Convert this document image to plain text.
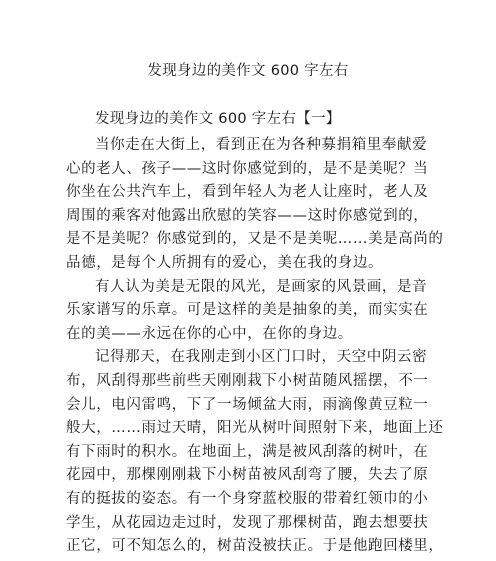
发现身边的美作文 600 字左右
发现身边的美作文 600 字左右【一】
当你走在大街上，看到正在为各种募捐箱里奉献爱
心的老人、孩子——这时你感觉到的，是不是美呢？当
你坐在公共汽车上，看到年轻人为老人让座时，老人及
周围的乘客对他露出欣慰的笑容——这时你感觉到的，
是不是美呢？你感觉到的，又是不是美呢……美是高尚的
品德，是每个人所拥有的爱心，美在我的身边。
有人认为美是无限的风光，是画家的风景画，是音
乐家谱写的乐章。可是这样的美是抽象的美，而实实在
在的美——永远在你的心中，在你的身边。
记得那天，在我刚走到小区门口时，天空中阴云密
布，风刮得那些前些天刚刚栽下小树苗随风摇摆，不一
会儿，电闪雷鸣，下了一场倾盆大雨，雨滴像黄豆粒一
般大，……雨过天晴，阳光从树叶间照射下来，地面上还
有下雨时的积水。在地面上，满是被风刮落的树叶，在
花园中，那棵刚刚栽下小树苗被风刮弯了腰，失去了原
有的挺拔的姿态。有一个身穿蓝校服的带着红领巾的小
学生，从花园边走过时，发现了那棵树苗，跑去想要扶
正它，可不知怎么的，树苗没被扶正。于是他跑回楼里，
